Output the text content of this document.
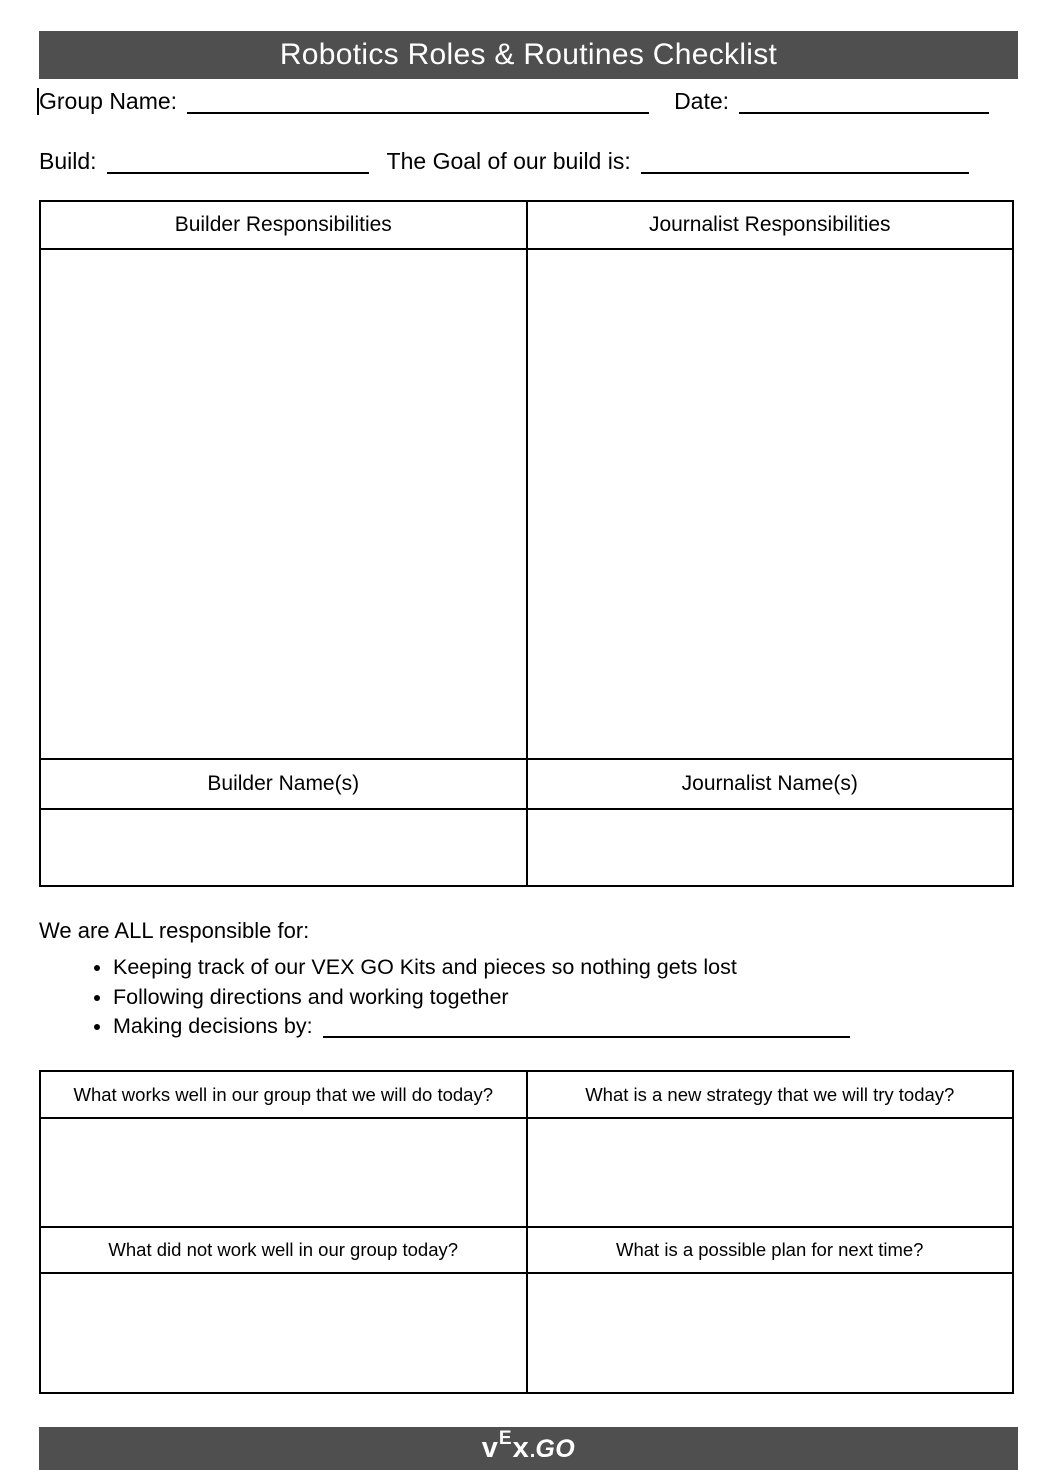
Robotics Roles & Routines Checklist
Group Name:	Date:
Build:	The Goal of our build is:
Builder Responsibilities	Journalist Responsibilities

Builder Name(s)	Journalist Name(s)

We are ALL responsible for:
• Keeping track of our VEX GO Kits and pieces so nothing gets lost
• Following directions and working together
• Making decisions by:
What works well in our group that we will do today?	What is a new strategy that we will try today?

What did not work well in our group today?	What is a possible plan for next time?

v E x . GO
